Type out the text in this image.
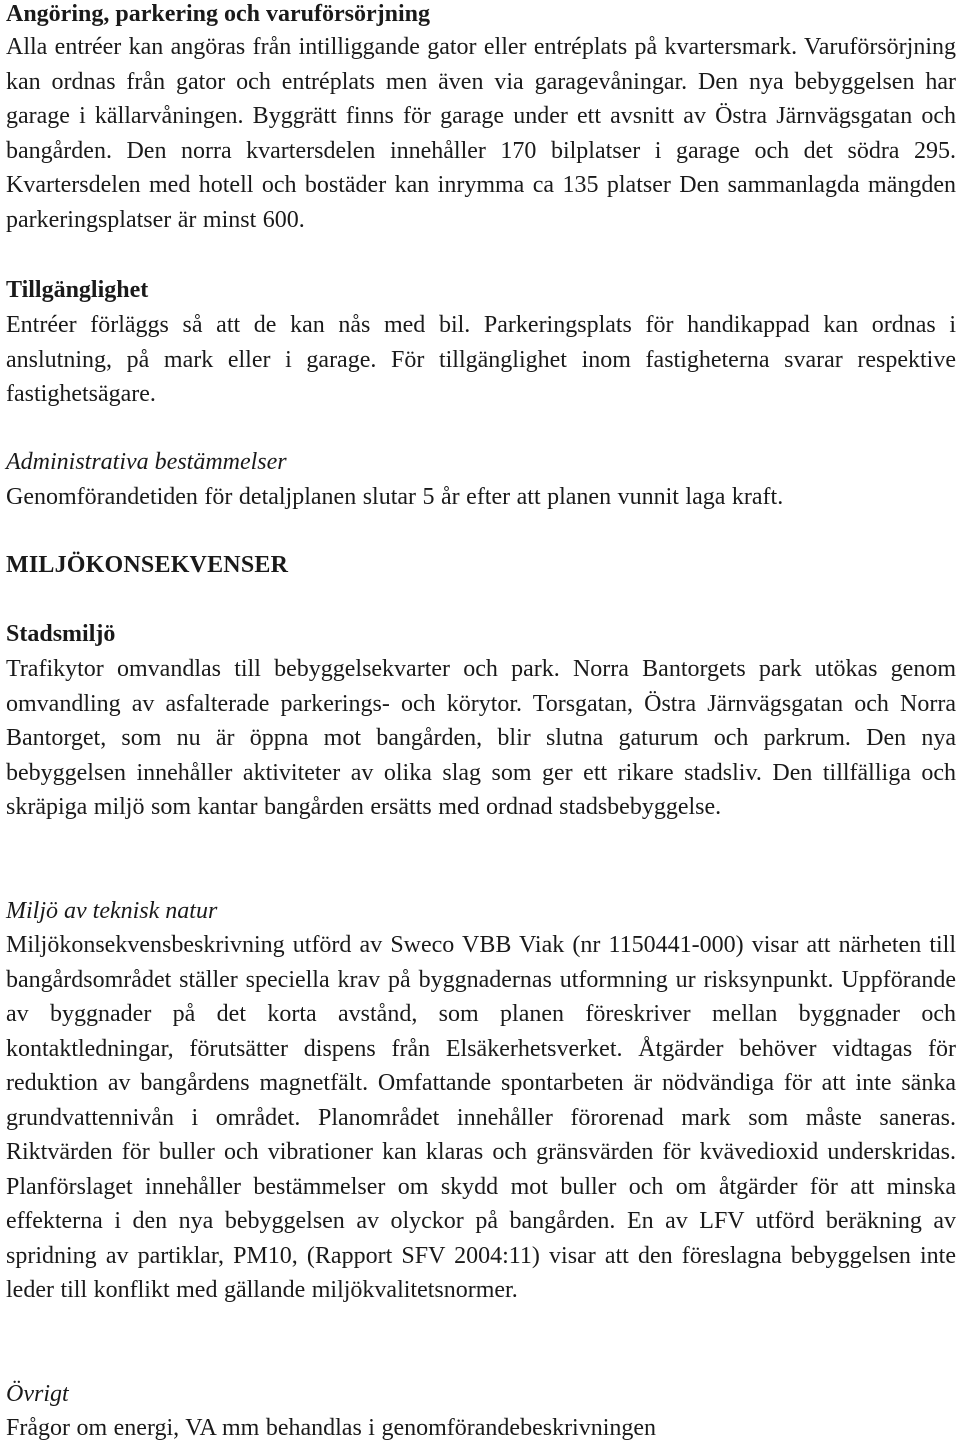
Angöring, parkering och varuförsörjning

Alla entréer kan angöras från intilliggande gator eller entréplats på kvartersmark. Varuförsörjning kan ordnas från gator och entréplats men även via garagevåningar. Den nya bebyggelsen har garage i källarvåningen. Byggrätt finns för garage under ett avsnitt av Östra Järnvägsgatan och bangården. Den norra kvartersdelen innehåller 170 bilplatser i garage och det södra 295. Kvartersdelen med hotell och bostäder kan inrymma ca 135 platser Den sammanlagda mängden parkeringsplatser är minst 600.

Tillgänglighet

Entréer förläggs så att de kan nås med bil. Parkeringsplats för handikappad kan ordnas i anslutning, på mark eller i garage. För tillgänglighet inom fastigheterna svarar respektive fastighetsägare.

Administrativa bestämmelser

Genomförandetiden för detaljplanen slutar 5 år efter att planen vunnit laga kraft.

MILJÖKONSEKVENSER
Stadsmiljö

Trafikytor omvandlas till bebyggelsekvarter och park. Norra Bantorgets park utökas genom omvandling av asfalterade parkerings- och körytor. Torsgatan, Östra Järnvägsgatan och Norra Bantorget, som nu är öppna mot bangården, blir slutna gaturum och parkrum. Den nya bebyggelsen innehåller aktiviteter av olika slag som ger ett rikare stadsliv. Den tillfälliga och skräpiga miljö som kantar bangården ersätts med ordnad stadsbebyggelse.

Miljö av teknisk natur

Miljökonsekvensbeskrivning utförd av Sweco VBB Viak (nr 1150441-000) visar att närheten till bangårdsområdet ställer speciella krav på byggnadernas utformning ur risksynpunkt. Uppförande av byggnader på det korta avstånd, som planen föreskriver mellan byggnader och kontaktledningar, förutsätter dispens från Elsäkerhetsverket. Åtgärder behöver vidtagas för reduktion av bangårdens magnetfält. Omfattande spontarbeten är nödvändiga för att inte sänka grundvattennivån i området. Planområdet innehåller förorenad mark som måste saneras. Riktvärden för buller och vibrationer kan klaras och gränsvärden för kvävedioxid underskridas. Planförslaget innehåller bestämmelser om skydd mot buller och om åtgärder för att minska effekterna i den nya bebyggelsen av olyckor på bangården. En av LFV utförd beräkning av spridning av partiklar, PM10, (Rapport SFV 2004:11) visar att den föreslagna bebyggelsen inte leder till konflikt med gällande miljökvalitetsnormer.

Övrigt

Frågor om energi, VA mm behandlas i genomförandebeskrivningen
